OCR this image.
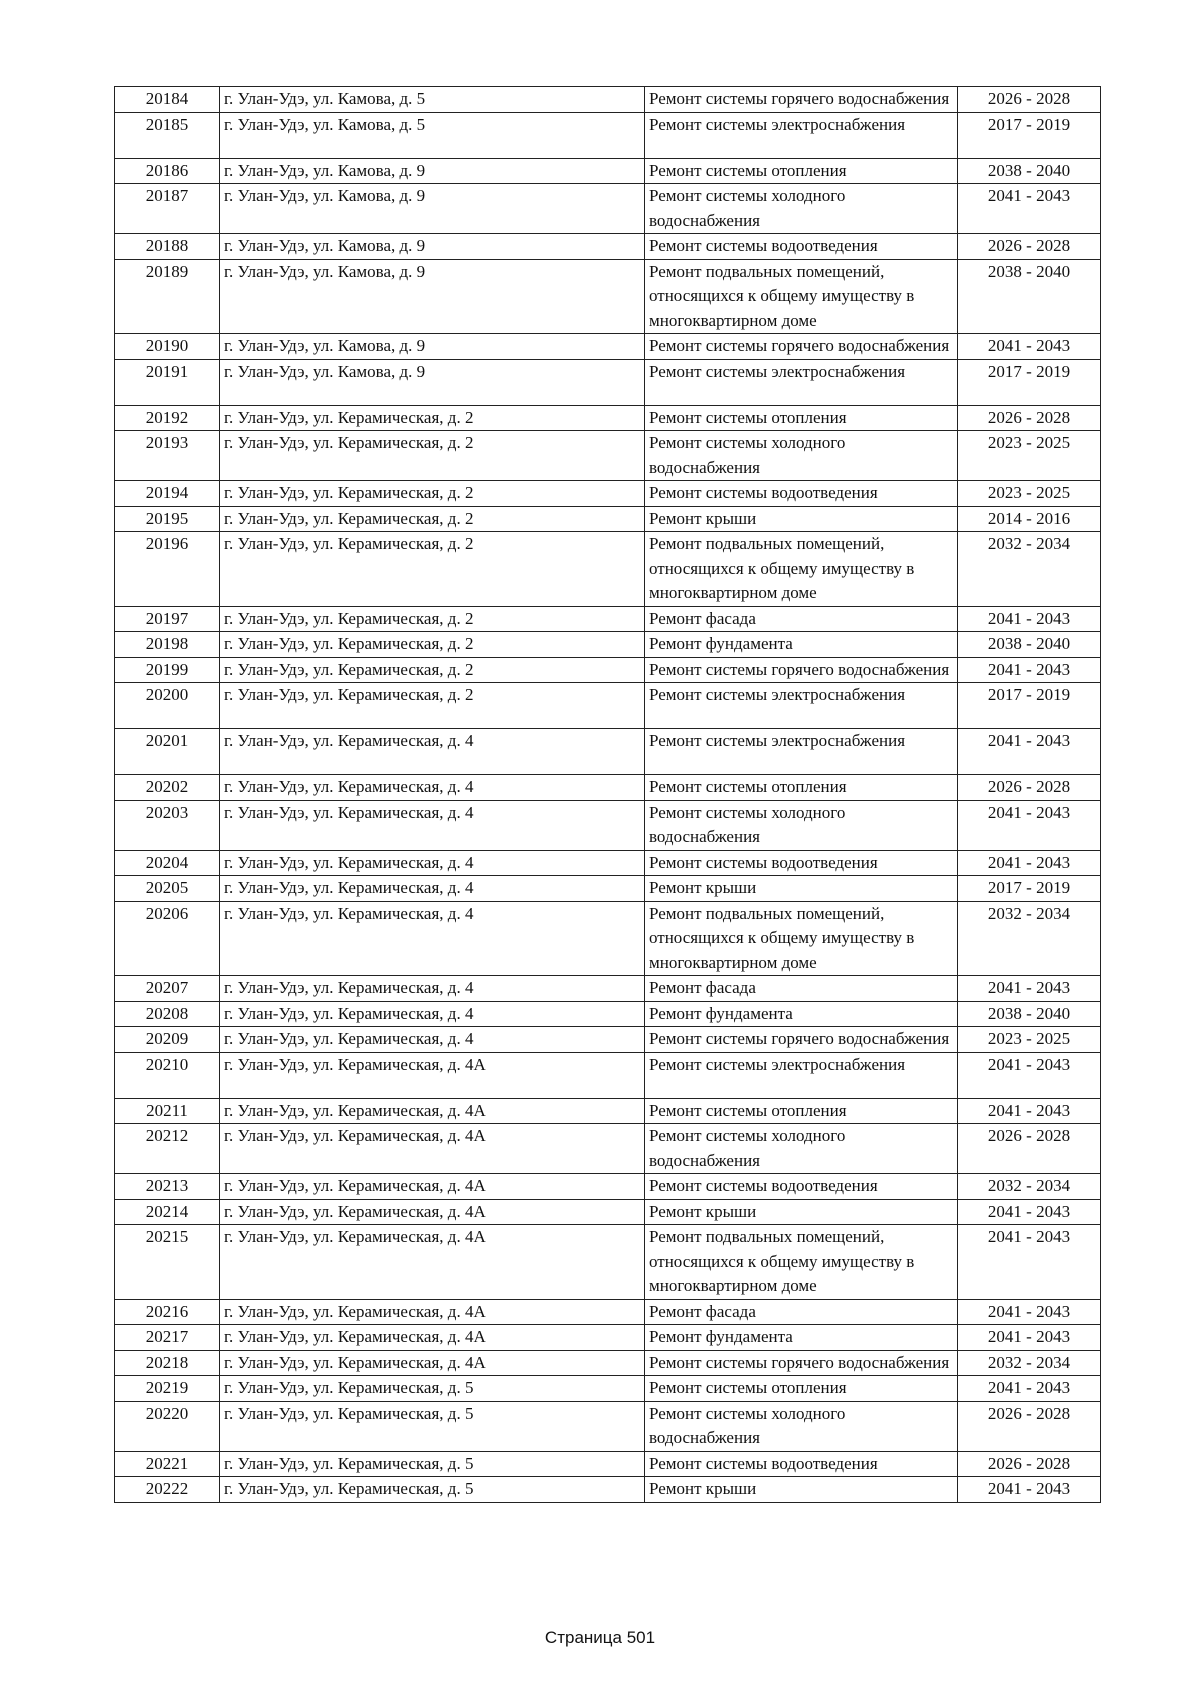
20184	г. Улан-Удэ, ул. Камова, д. 5	Ремонт системы горячего водоснабжения	2026 - 2028
20185	г. Улан-Удэ, ул. Камова, д. 5	Ремонт системы электроснабжения	2017 - 2019
20186	г. Улан-Удэ, ул. Камова, д. 9	Ремонт системы отопления	2038 - 2040
20187	г. Улан-Удэ, ул. Камова, д. 9	Ремонт системы холодного водоснабжения	2041 - 2043
20188	г. Улан-Удэ, ул. Камова, д. 9	Ремонт системы водоотведения	2026 - 2028
20189	г. Улан-Удэ, ул. Камова, д. 9	Ремонт подвальных помещений, относящихся к общему имуществу в многоквартирном доме	2038 - 2040
20190	г. Улан-Удэ, ул. Камова, д. 9	Ремонт системы горячего водоснабжения	2041 - 2043
20191	г. Улан-Удэ, ул. Камова, д. 9	Ремонт системы электроснабжения	2017 - 2019
20192	г. Улан-Удэ, ул. Керамическая, д. 2	Ремонт системы отопления	2026 - 2028
20193	г. Улан-Удэ, ул. Керамическая, д. 2	Ремонт системы холодного водоснабжения	2023 - 2025
20194	г. Улан-Удэ, ул. Керамическая, д. 2	Ремонт системы водоотведения	2023 - 2025
20195	г. Улан-Удэ, ул. Керамическая, д. 2	Ремонт крыши	2014 - 2016
20196	г. Улан-Удэ, ул. Керамическая, д. 2	Ремонт подвальных помещений, относящихся к общему имуществу в многоквартирном доме	2032 - 2034
20197	г. Улан-Удэ, ул. Керамическая, д. 2	Ремонт фасада	2041 - 2043
20198	г. Улан-Удэ, ул. Керамическая, д. 2	Ремонт фундамента	2038 - 2040
20199	г. Улан-Удэ, ул. Керамическая, д. 2	Ремонт системы горячего водоснабжения	2041 - 2043
20200	г. Улан-Удэ, ул. Керамическая, д. 2	Ремонт системы электроснабжения	2017 - 2019
20201	г. Улан-Удэ, ул. Керамическая, д. 4	Ремонт системы электроснабжения	2041 - 2043
20202	г. Улан-Удэ, ул. Керамическая, д. 4	Ремонт системы отопления	2026 - 2028
20203	г. Улан-Удэ, ул. Керамическая, д. 4	Ремонт системы холодного водоснабжения	2041 - 2043
20204	г. Улан-Удэ, ул. Керамическая, д. 4	Ремонт системы водоотведения	2041 - 2043
20205	г. Улан-Удэ, ул. Керамическая, д. 4	Ремонт крыши	2017 - 2019
20206	г. Улан-Удэ, ул. Керамическая, д. 4	Ремонт подвальных помещений, относящихся к общему имуществу в многоквартирном доме	2032 - 2034
20207	г. Улан-Удэ, ул. Керамическая, д. 4	Ремонт фасада	2041 - 2043
20208	г. Улан-Удэ, ул. Керамическая, д. 4	Ремонт фундамента	2038 - 2040
20209	г. Улан-Удэ, ул. Керамическая, д. 4	Ремонт системы горячего водоснабжения	2023 - 2025
20210	г. Улан-Удэ, ул. Керамическая, д. 4А	Ремонт системы электроснабжения	2041 - 2043
20211	г. Улан-Удэ, ул. Керамическая, д. 4А	Ремонт системы отопления	2041 - 2043
20212	г. Улан-Удэ, ул. Керамическая, д. 4А	Ремонт системы холодного водоснабжения	2026 - 2028
20213	г. Улан-Удэ, ул. Керамическая, д. 4А	Ремонт системы водоотведения	2032 - 2034
20214	г. Улан-Удэ, ул. Керамическая, д. 4А	Ремонт крыши	2041 - 2043
20215	г. Улан-Удэ, ул. Керамическая, д. 4А	Ремонт подвальных помещений, относящихся к общему имуществу в многоквартирном доме	2041 - 2043
20216	г. Улан-Удэ, ул. Керамическая, д. 4А	Ремонт фасада	2041 - 2043
20217	г. Улан-Удэ, ул. Керамическая, д. 4А	Ремонт фундамента	2041 - 2043
20218	г. Улан-Удэ, ул. Керамическая, д. 4А	Ремонт системы горячего водоснабжения	2032 - 2034
20219	г. Улан-Удэ, ул. Керамическая, д. 5	Ремонт системы отопления	2041 - 2043
20220	г. Улан-Удэ, ул. Керамическая, д. 5	Ремонт системы холодного водоснабжения	2026 - 2028
20221	г. Улан-Удэ, ул. Керамическая, д. 5	Ремонт системы водоотведения	2026 - 2028
20222	г. Улан-Удэ, ул. Керамическая, д. 5	Ремонт крыши	2041 - 2043
Страница 501
